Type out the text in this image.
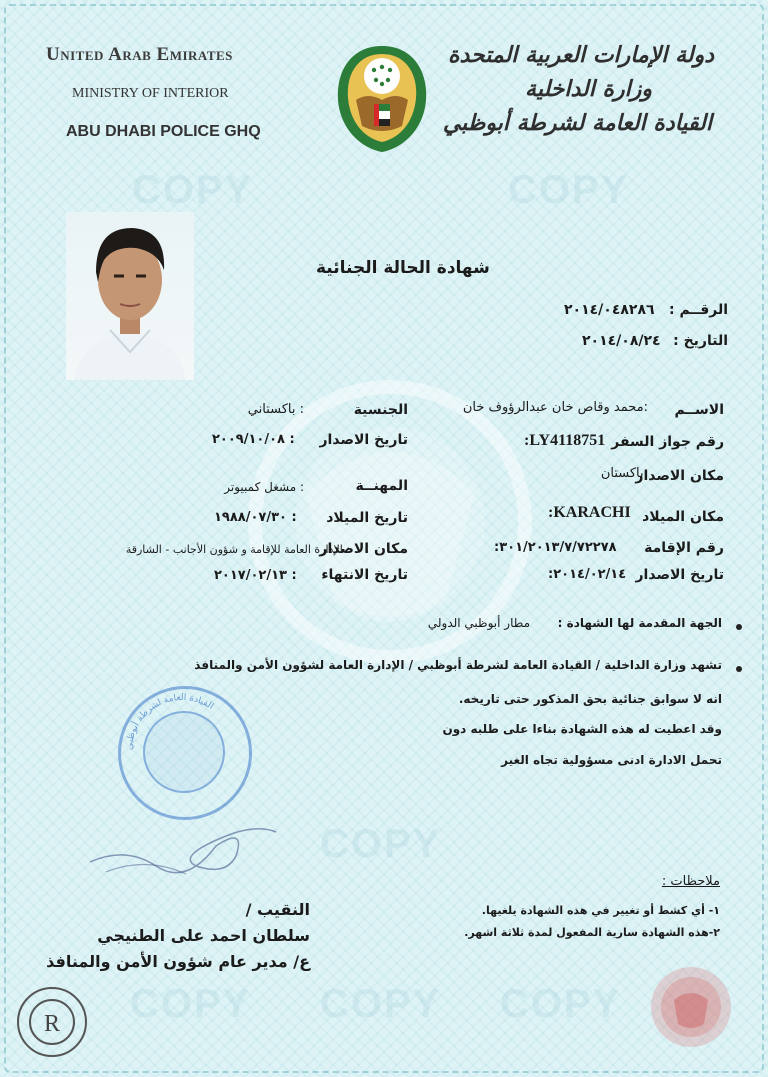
COPY	COPY
COPY
COPY COPY COPY
United Arab Emirates
MINISTRY OF INTERIOR
ABU DHABI POLICE GHQ
دولة الإمارات العربية المتحدة
وزارة الداخلية
القيادة العامة لشرطة أبوظبي
شهادة الحالة الجنائية
الرقــم :
٢٠١٤/٠٤٨٢٨٦
التاريخ :
٢٠١٤/٠٨/٢٤
الاســم
:محمد وقاص خان عبدالرؤوف خان
رقم جواز السفر
:LY4118751
مكان الاصدار
:باكستان
مكان الميلاد
:KARACHI
رقم الإقامة
:٣٠١/٢٠١٣/٧/٧٢٢٧٨
تاريخ الاصدار
:٢٠١٤/٠٢/١٤
الجنسية
: باكستاني
تاريخ الاصدار
: ٢٠٠٩/١٠/٠٨
المهنــة
: مشغل كمبيوتر
تاريخ الميلاد
: ١٩٨٨/٠٧/٣٠
مكان الاصدار
: الإدارة العامة للإقامة و شؤون الأجانب - الشارقة
تاريخ الانتهاء
: ٢٠١٧/٠٢/١٣
الجهة المقدمة لها الشهادة :
مطار أبوظبي الدولي
تشهد وزارة الداخلية / القيادة العامة لشرطة أبوظبي / الإدارة العامة لشؤون الأمن والمنافذ
انه لا سوابق جنائية بحق المذكور حتى تاريخه.
وقد اعطيت له هذه الشهادة بناءا على طلبه دون
تحمل الادارة ادنى مسؤولية تجاه الغير
القيادة العامة لشرطة أبوظبي
ملاحظات :
١- أي كشط أو تغيير في هذه الشهادة يلغيها.
٢-هذه الشهادة سارية المفعول لمدة ثلاثة اشهر.
النقيب /
سلطان احمد على الطنيجي
ع/ مدير عام شؤون الأمن والمنافذ
R
